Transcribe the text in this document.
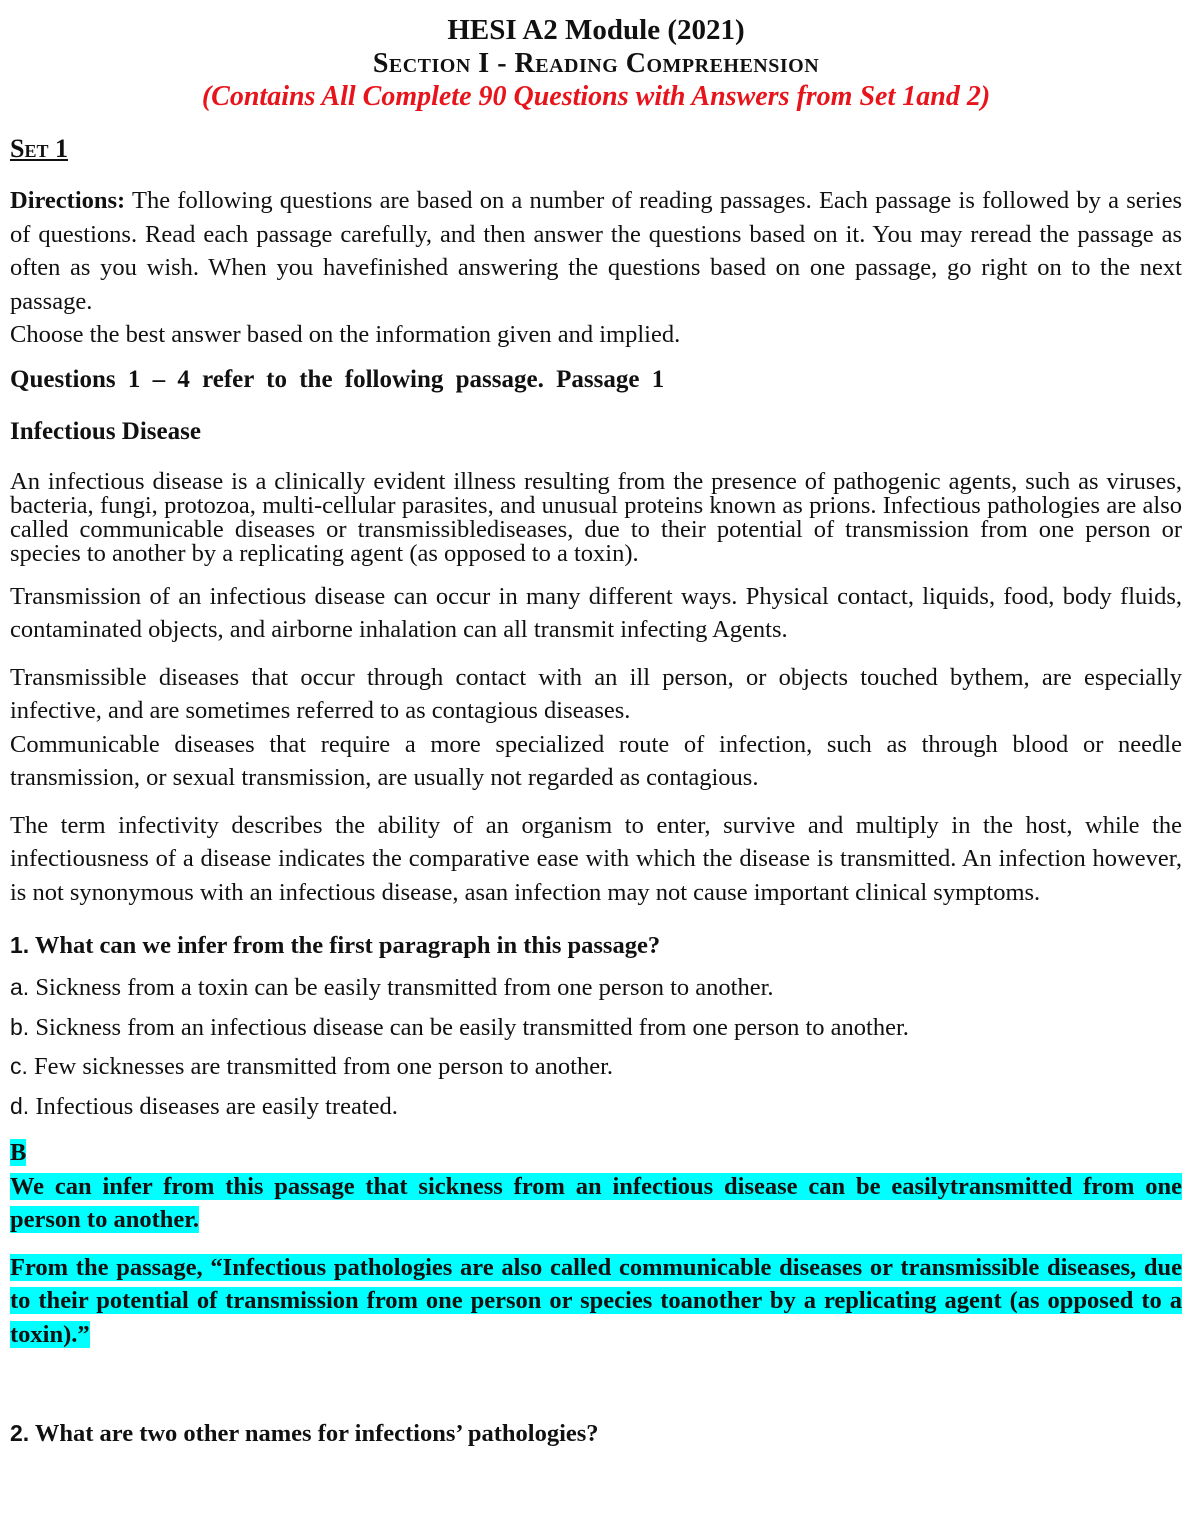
HESI A2 Module (2021)

Section I - Reading Comprehension

(Contains All Complete 90 Questions with Answers from Set 1and 2)

Set 1

Directions: The following questions are based on a number of reading passages. Each passage is followed by a series of questions. Read each passage carefully, and then answer the questions based on it. You may reread the passage as often as you wish. When you havefinished answering the questions based on one passage, go right on to the next passage.

Choose the best answer based on the information given and implied.

Questions 1 – 4 refer to the following passage. Passage 1

Infectious Disease

An infectious disease is a clinically evident illness resulting from the presence of pathogenic agents, such as viruses, bacteria, fungi, protozoa, multi-cellular parasites, and unusual proteins known as prions. Infectious pathologies are also called communicable diseases or transmissiblediseases, due to their potential of transmission from one person or species to another by a replicating agent (as opposed to a toxin).

Transmission of an infectious disease can occur in many different ways. Physical contact, liquids, food, body fluids, contaminated objects, and airborne inhalation can all transmit infecting Agents.

Transmissible diseases that occur through contact with an ill person, or objects touched bythem, are especially infective, and are sometimes referred to as contagious diseases.

Communicable diseases that require a more specialized route of infection, such as through blood or needle transmission, or sexual transmission, are usually not regarded as contagious.

The term infectivity describes the ability of an organism to enter, survive and multiply in the host, while the infectiousness of a disease indicates the comparative ease with which the disease is transmitted. An infection however, is not synonymous with an infectious disease, asan infection may not cause important clinical symptoms.

1. What can we infer from the first paragraph in this passage?

a. Sickness from a toxin can be easily transmitted from one person to another.

b. Sickness from an infectious disease can be easily transmitted from one person to another.

c. Few sicknesses are transmitted from one person to another.

d. Infectious diseases are easily treated.

B

We can infer from this passage that sickness from an infectious disease can be easilytransmitted from one person to another.

From the passage, “Infectious pathologies are also called communicable diseases or transmissible diseases, due to their potential of transmission from one person or species toanother by a replicating agent (as opposed to a toxin).”

2. What are two other names for infections’ pathologies?
